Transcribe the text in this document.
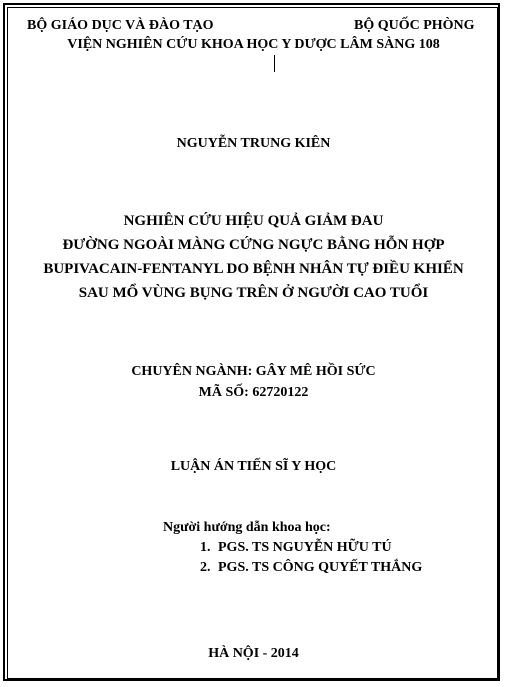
BỘ GIÁO DỤC VÀ ĐÀO TẠO	BỘ QUỐC PHÒNG

VIỆN NGHIÊN CỨU KHOA HỌC Y DƯỢC LÂM SÀNG 108

NGUYỄN TRUNG KIÊN

NGHIÊN CỨU HIỆU QUẢ GIẢM ĐAU

ĐƯỜNG NGOÀI MÀNG CỨNG NGỰC BẰNG HỖN HỢP

BUPIVACAIN-FENTANYL DO BỆNH NHÂN TỰ ĐIỀU KHIỂN

SAU MỔ VÙNG BỤNG TRÊN Ở NGƯỜI CAO TUỔI

CHUYÊN NGÀNH: GÂY MÊ HỒI SỨC

MÃ SỐ: 62720122

LUẬN ÁN TIẾN SĨ Y HỌC

Người hướng dẫn khoa học:

1. PGS. TS NGUYỄN HỮU TÚ
2. PGS. TS CÔNG QUYẾT THẮNG

HÀ NỘI - 2014
